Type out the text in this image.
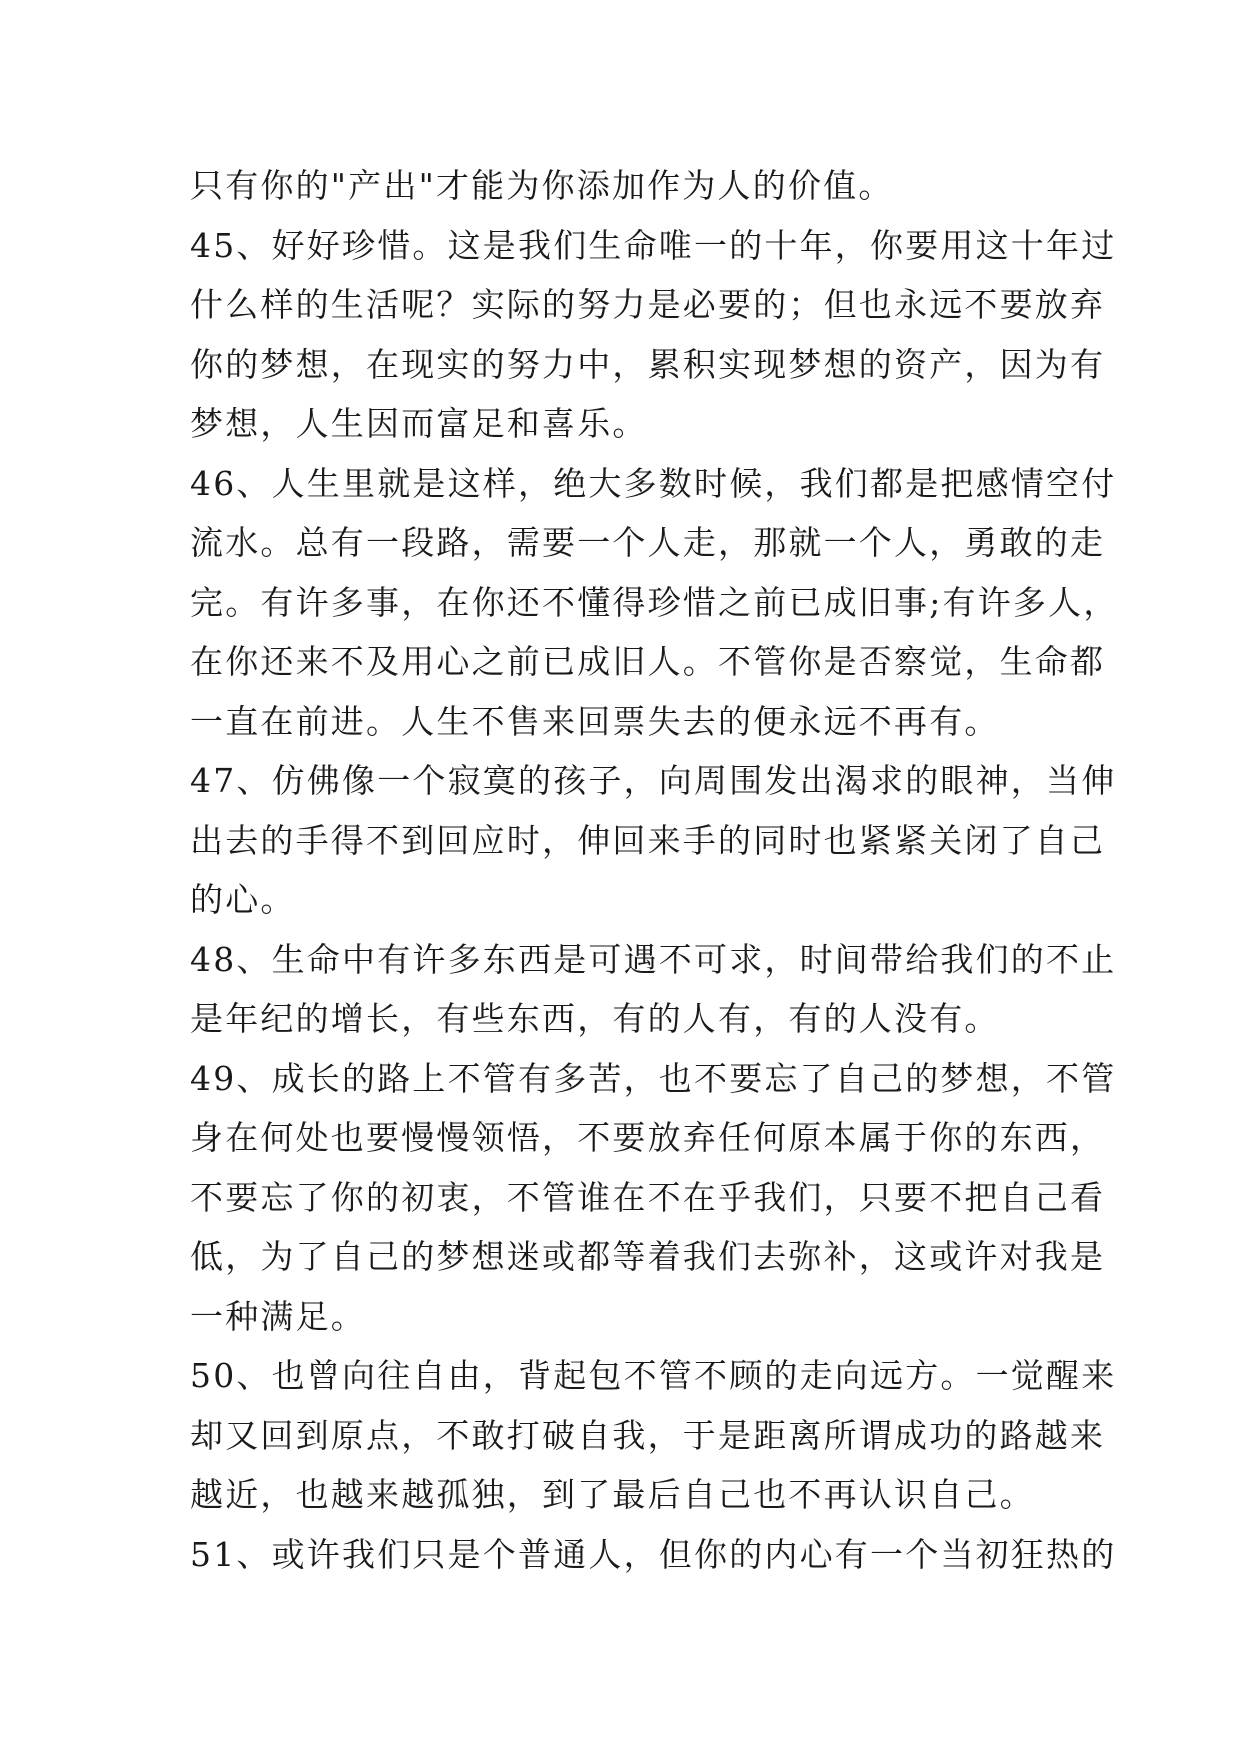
只有你的"产出"才能为你添加作为人的价值。
45、好好珍惜。这是我们生命唯一的十年，你要用这十年过
什么样的生活呢？实际的努力是必要的；但也永远不要放弃
你的梦想，在现实的努力中，累积实现梦想的资产，因为有
梦想，人生因而富足和喜乐。
46、人生里就是这样，绝大多数时候，我们都是把感情空付
流水。总有一段路，需要一个人走，那就一个人，勇敢的走
完。有许多事，在你还不懂得珍惜之前已成旧事;有许多人，
在你还来不及用心之前已成旧人。不管你是否察觉，生命都
一直在前进。人生不售来回票失去的便永远不再有。
47、仿佛像一个寂寞的孩子，向周围发出渴求的眼神，当伸
出去的手得不到回应时，伸回来手的同时也紧紧关闭了自己
的心。
48、生命中有许多东西是可遇不可求，时间带给我们的不止
是年纪的增长，有些东西，有的人有，有的人没有。
49、成长的路上不管有多苦，也不要忘了自己的梦想，不管
身在何处也要慢慢领悟，不要放弃任何原本属于你的东西，
不要忘了你的初衷，不管谁在不在乎我们，只要不把自己看
低，为了自己的梦想迷或都等着我们去弥补，这或许对我是
一种满足。
50、也曾向往自由，背起包不管不顾的走向远方。一觉醒来
却又回到原点，不敢打破自我，于是距离所谓成功的路越来
越近，也越来越孤独，到了最后自己也不再认识自己。
51、或许我们只是个普通人，但你的内心有一个当初狂热的
